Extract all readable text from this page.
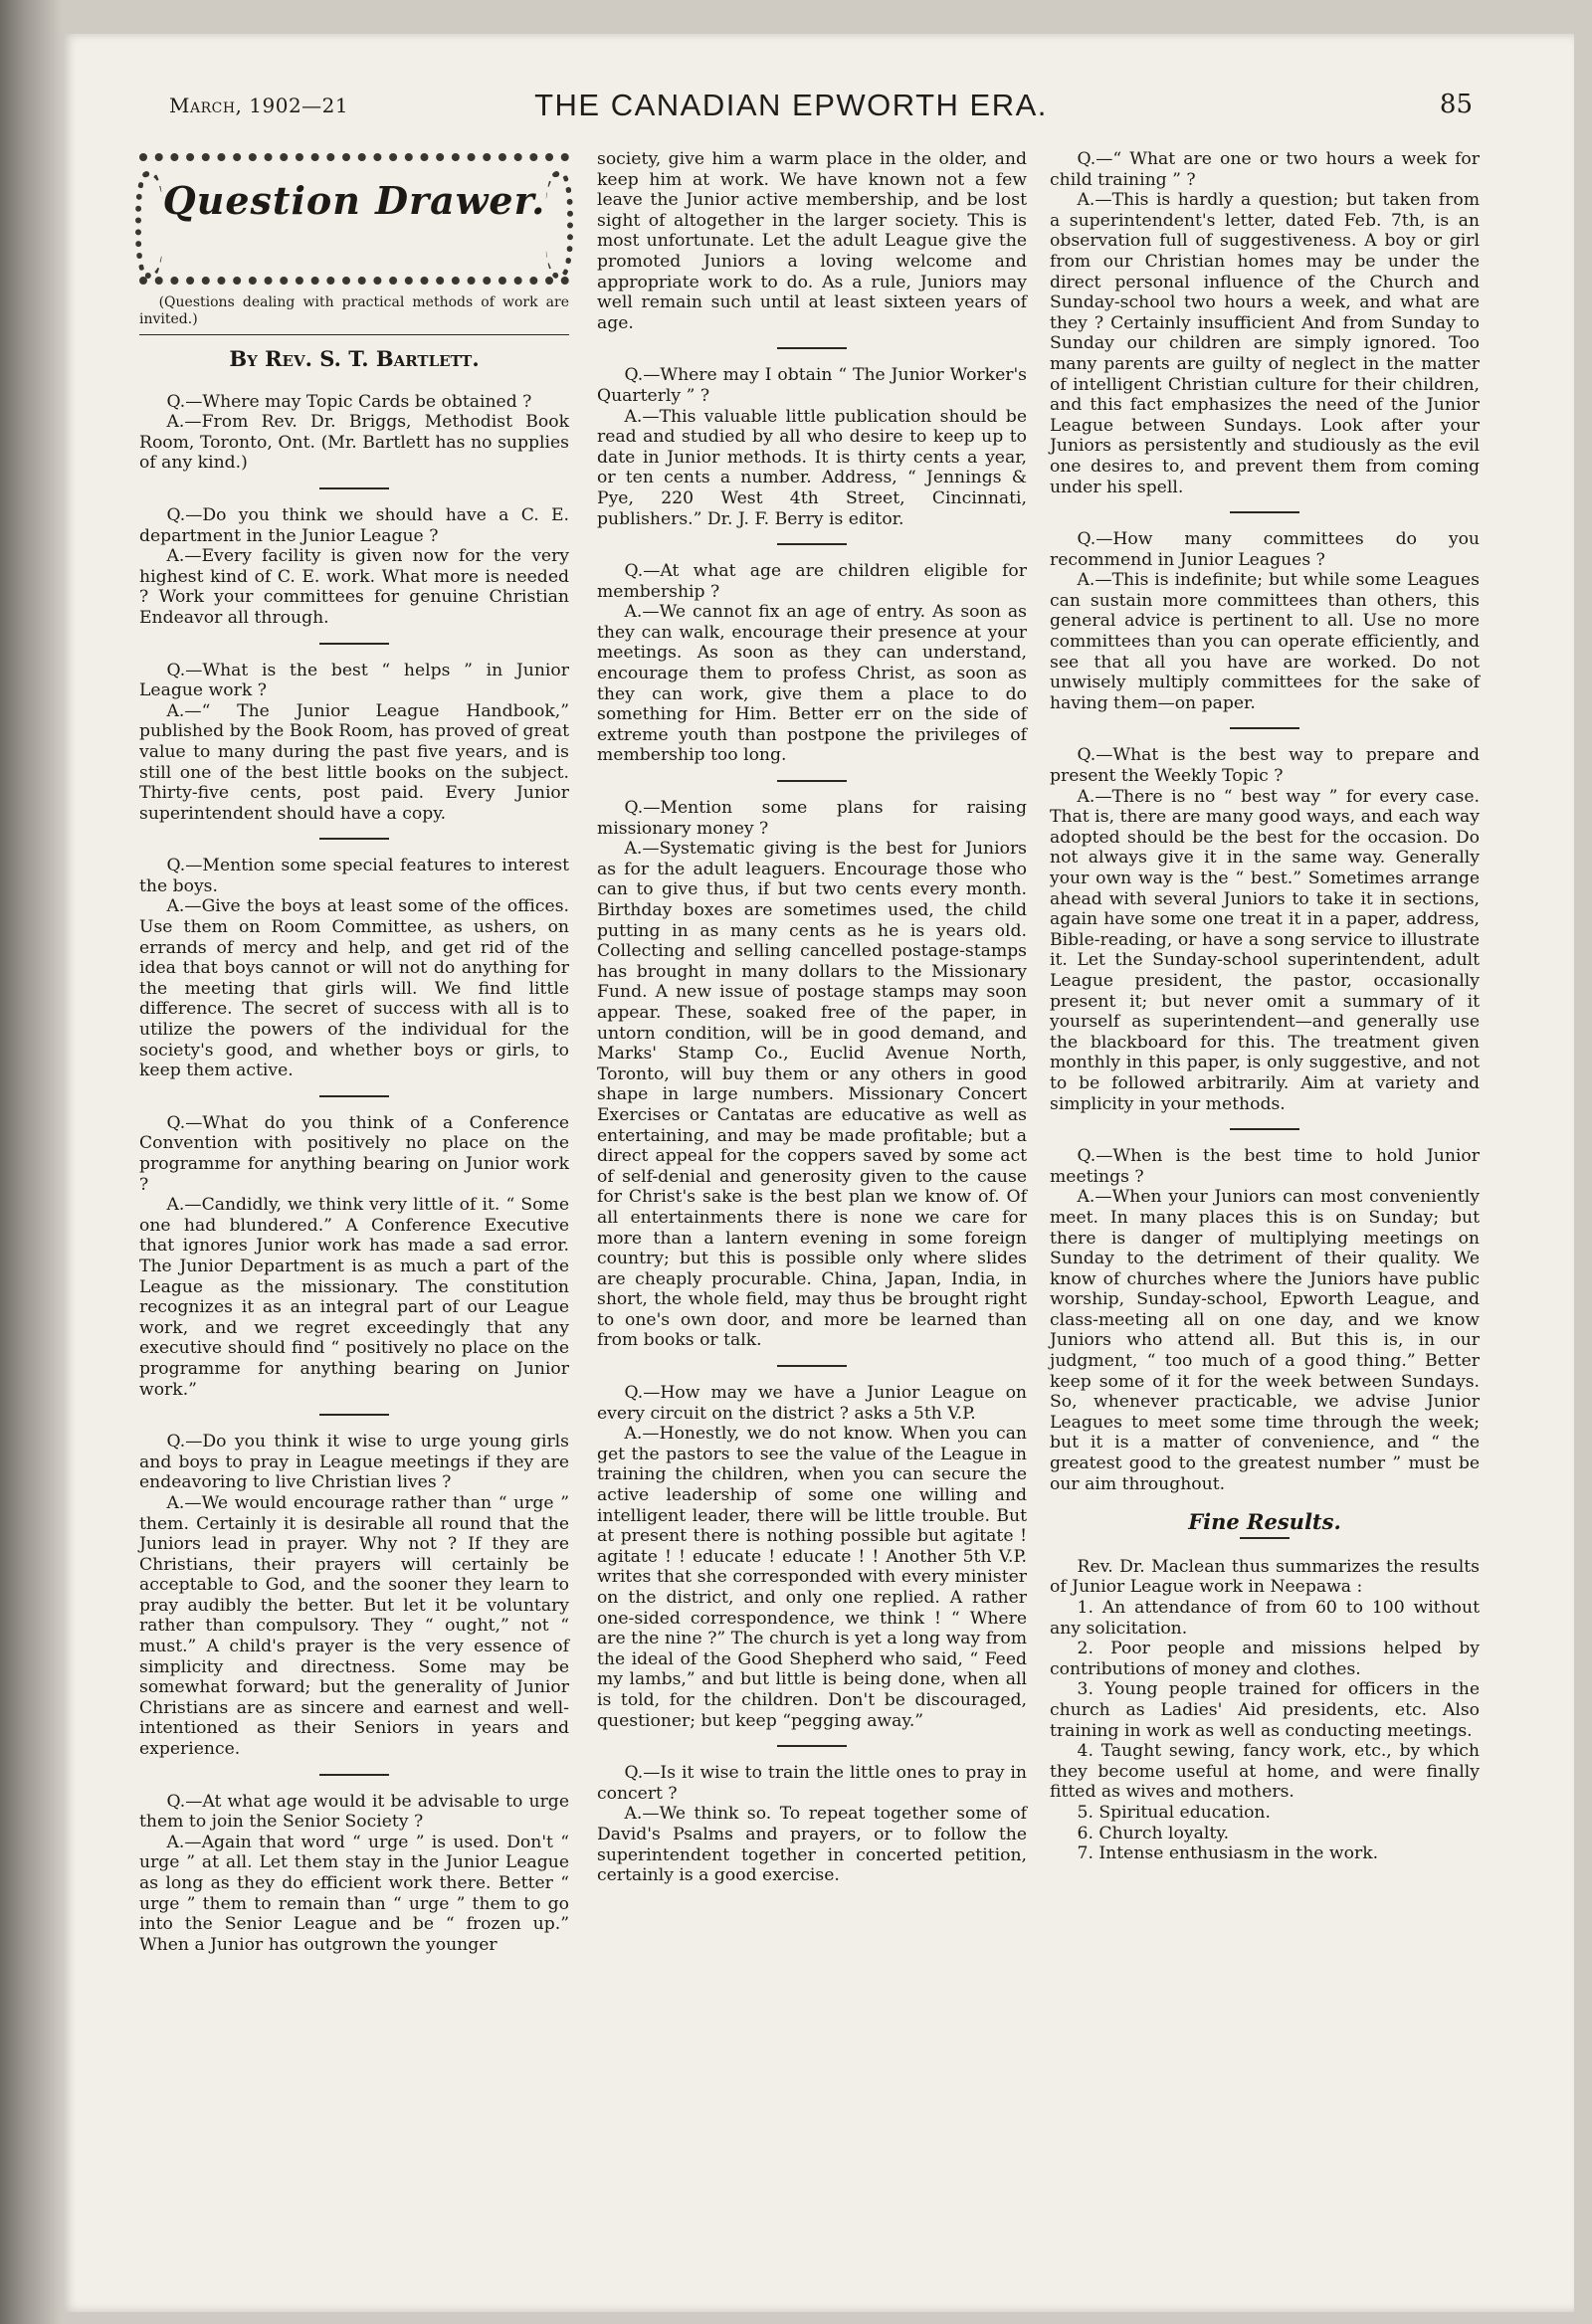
March, 1902—21	THE CANADIAN EPWORTH ERA.	85
Question Drawer.
(Questions dealing with practical methods of work are invited.)
By Rev. S. T. Bartlett.

Q.—Where may Topic Cards be obtained ?

A.—From Rev. Dr. Briggs, Methodist Book Room, Toronto, Ont. (Mr. Bartlett has no supplies of any kind.)

Q.—Do you think we should have a C. E. department in the Junior League ?

A.—Every facility is given now for the very highest kind of C. E. work. What more is needed ? Work your committees for genuine Christian Endeavor all through.

Q.—What is the best “ helps ” in Junior League work ?

A.—“ The Junior League Handbook,” published by the Book Room, has proved of great value to many during the past five years, and is still one of the best little books on the subject. Thirty-five cents, post paid. Every Junior superintendent should have a copy.

Q.—Mention some special features to interest the boys.

A.—Give the boys at least some of the offices. Use them on Room Committee, as ushers, on errands of mercy and help, and get rid of the idea that boys cannot or will not do anything for the meeting that girls will. We find little difference. The secret of success with all is to utilize the powers of the individual for the society's good, and whether boys or girls, to keep them active.

Q.—What do you think of a Conference Convention with positively no place on the programme for anything bearing on Junior work ?

A.—Candidly, we think very little of it. “ Some one had blundered.” A Conference Executive that ignores Junior work has made a sad error. The Junior Department is as much a part of the League as the missionary. The constitution recognizes it as an integral part of our League work, and we regret exceedingly that any executive should find “ positively no place on the programme for anything bearing on Junior work.”

Q.—Do you think it wise to urge young girls and boys to pray in League meetings if they are endeavoring to live Christian lives ?

A.—We would encourage rather than “ urge ” them. Certainly it is desirable all round that the Juniors lead in prayer. Why not ? If they are Christians, their prayers will certainly be acceptable to God, and the sooner they learn to pray audibly the better. But let it be voluntary rather than compulsory. They “ ought,” not “ must.” A child's prayer is the very essence of simplicity and directness. Some may be somewhat forward; but the generality of Junior Christians are as sincere and earnest and well-intentioned as their Seniors in years and experience.

Q.—At what age would it be advisable to urge them to join the Senior Society ?

A.—Again that word “ urge ” is used. Don't “ urge ” at all. Let them stay in the Junior League as long as they do efficient work there. Better “ urge ” them to remain than “ urge ” them to go into the Senior League and be “ frozen up.” When a Junior has outgrown the younger

society, give him a warm place in the older, and keep him at work. We have known not a few leave the Junior active membership, and be lost sight of altogether in the larger society. This is most unfortunate. Let the adult League give the promoted Juniors a loving welcome and appropriate work to do. As a rule, Juniors may well remain such until at least sixteen years of age.

Q.—Where may I obtain “ The Junior Worker's Quarterly ” ?

A.—This valuable little publication should be read and studied by all who desire to keep up to date in Junior methods. It is thirty cents a year, or ten cents a number. Address, “ Jennings & Pye, 220 West 4th Street, Cincinnati, publishers.” Dr. J. F. Berry is editor.

Q.—At what age are children eligible for membership ?

A.—We cannot fix an age of entry. As soon as they can walk, encourage their presence at your meetings. As soon as they can understand, encourage them to profess Christ, as soon as they can work, give them a place to do something for Him. Better err on the side of extreme youth than postpone the privileges of membership too long.

Q.—Mention some plans for raising missionary money ?

A.—Systematic giving is the best for Juniors as for the adult leaguers. Encourage those who can to give thus, if but two cents every month. Birthday boxes are sometimes used, the child putting in as many cents as he is years old. Collecting and selling cancelled postage-stamps has brought in many dollars to the Missionary Fund. A new issue of postage stamps may soon appear. These, soaked free of the paper, in untorn condition, will be in good demand, and Marks' Stamp Co., Euclid Avenue North, Toronto, will buy them or any others in good shape in large numbers. Missionary Concert Exercises or Cantatas are educative as well as entertaining, and may be made profitable; but a direct appeal for the coppers saved by some act of self-denial and generosity given to the cause for Christ's sake is the best plan we know of. Of all entertainments there is none we care for more than a lantern evening in some foreign country; but this is possible only where slides are cheaply procurable. China, Japan, India, in short, the whole field, may thus be brought right to one's own door, and more be learned than from books or talk.

Q.—How may we have a Junior League on every circuit on the district ? asks a 5th V.P.

A.—Honestly, we do not know. When you can get the pastors to see the value of the League in training the children, when you can secure the active leadership of some one willing and intelligent leader, there will be little trouble. But at present there is nothing possible but agitate ! agitate ! ! educate ! educate ! ! Another 5th V.P. writes that she corresponded with every minister on the district, and only one replied. A rather one-sided correspondence, we think ! “ Where are the nine ?” The church is yet a long way from the ideal of the Good Shepherd who said, “ Feed my lambs,” and but little is being done, when all is told, for the children. Don't be discouraged, questioner; but keep “pegging away.”

Q.—Is it wise to train the little ones to pray in concert ?

A.—We think so. To repeat together some of David's Psalms and prayers, or to follow the superintendent together in concerted petition, certainly is a good exercise.

Q.—“ What are one or two hours a week for child training ” ?

A.—This is hardly a question; but taken from a superintendent's letter, dated Feb. 7th, is an observation full of suggestiveness. A boy or girl from our Christian homes may be under the direct personal influence of the Church and Sunday-school two hours a week, and what are they ? Certainly insufficient And from Sunday to Sunday our children are simply ignored. Too many parents are guilty of neglect in the matter of intelligent Christian culture for their children, and this fact emphasizes the need of the Junior League between Sundays. Look after your Juniors as persistently and studiously as the evil one desires to, and prevent them from coming under his spell.

Q.—How many committees do you recommend in Junior Leagues ?

A.—This is indefinite; but while some Leagues can sustain more committees than others, this general advice is pertinent to all. Use no more committees than you can operate efficiently, and see that all you have are worked. Do not unwisely multiply committees for the sake of having them—on paper.

Q.—What is the best way to prepare and present the Weekly Topic ?

A.—There is no “ best way ” for every case. That is, there are many good ways, and each way adopted should be the best for the occasion. Do not always give it in the same way. Generally your own way is the “ best.” Sometimes arrange ahead with several Juniors to take it in sections, again have some one treat it in a paper, address, Bible-reading, or have a song service to illustrate it. Let the Sunday-school superintendent, adult League president, the pastor, occasionally present it; but never omit a summary of it yourself as superintendent—and generally use the blackboard for this. The treatment given monthly in this paper, is only suggestive, and not to be followed arbitrarily. Aim at variety and simplicity in your methods.

Q.—When is the best time to hold Junior meetings ?

A.—When your Juniors can most conveniently meet. In many places this is on Sunday; but there is danger of multiplying meetings on Sunday to the detriment of their quality. We know of churches where the Juniors have public worship, Sunday-school, Epworth League, and class-meeting all on one day, and we know Juniors who attend all. But this is, in our judgment, “ too much of a good thing.” Better keep some of it for the week between Sundays. So, whenever practicable, we advise Junior Leagues to meet some time through the week; but it is a matter of convenience, and “ the greatest good to the greatest number ” must be our aim throughout.

Fine Results.

Rev. Dr. Maclean thus summarizes the results of Junior League work in Neepawa :

1. An attendance of from 60 to 100 without any solicitation.
2. Poor people and missions helped by contributions of money and clothes.
3. Young people trained for officers in the church as Ladies' Aid presidents, etc. Also training in work as well as conducting meetings.
4. Taught sewing, fancy work, etc., by which they become useful at home, and were finally fitted as wives and mothers.
5. Spiritual education.
6. Church loyalty.
7. Intense enthusiasm in the work.
